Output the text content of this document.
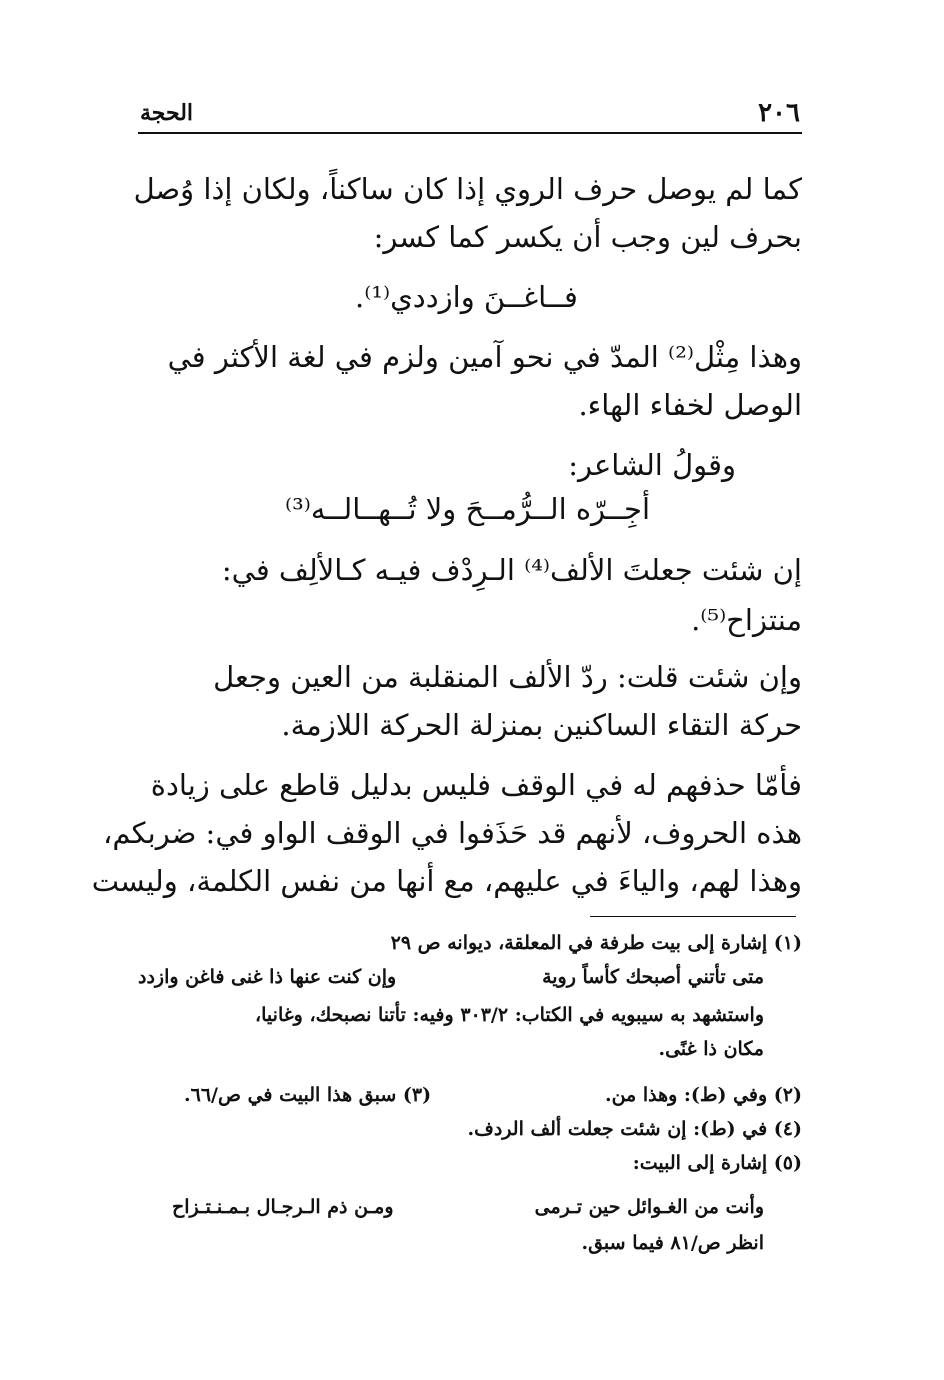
٢٠٦
الحجة
كما لم يوصل حرف الروي إذا كان ساكناً، ولكان إذا وُصل
بحرف لين وجب أن يكسر كما كسر:
فــاغــنَ وازددي⁽¹⁾.
وهذا مِثْل⁽²⁾ المدّ في نحو آمين ولزم في لغة الأكثر في
الوصل لخفاء الهاء.
وقولُ الشاعر:
أجِــرّه الــرُّمــحَ ولا تُــهــالــه⁽³⁾
إن شئت جعلتَ الألف⁽⁴⁾ الـرِدْف فيـه كـالألِف في:
منتزاح⁽⁵⁾.
وإن شئت قلت: ردّ الألف المنقلبة من العين وجعل
حركة التقاء الساكنين بمنزلة الحركة اللازمة.
فأمّا حذفهم له في الوقف فليس بدليل قاطع على زيادة
هذه الحروف، لأنهم قد حَذَفوا في الوقف الواو في: ضربكم،
وهذا لهم، والياءَ في عليهم، مع أنها من نفس الكلمة، وليست
(١) إشارة إلى بيت طرفة في المعلقة، ديوانه ص ٢٩
متى تأتني أصبحك كأساً روية
وإن كنت عنها ذا غنى فاغن وازدد
واستشهد به سيبويه في الكتاب: ٣٠٣/٢ وفيه: تأتنا نصبحك، وغانيا،
مكان ذا غنًى.
(٢) وفي (ط): وهذا من.
(٣) سبق هذا البيت في ص/٦٦.
(٤) في (ط): إن شئت جعلت ألف الردف.
(٥) إشارة إلى البيت:
وأنت من الغـوائل حين تـرمى
ومـن ذم الـرجـال بـمـنـتـزاح
انظر ص/٨١ فيما سبق.
